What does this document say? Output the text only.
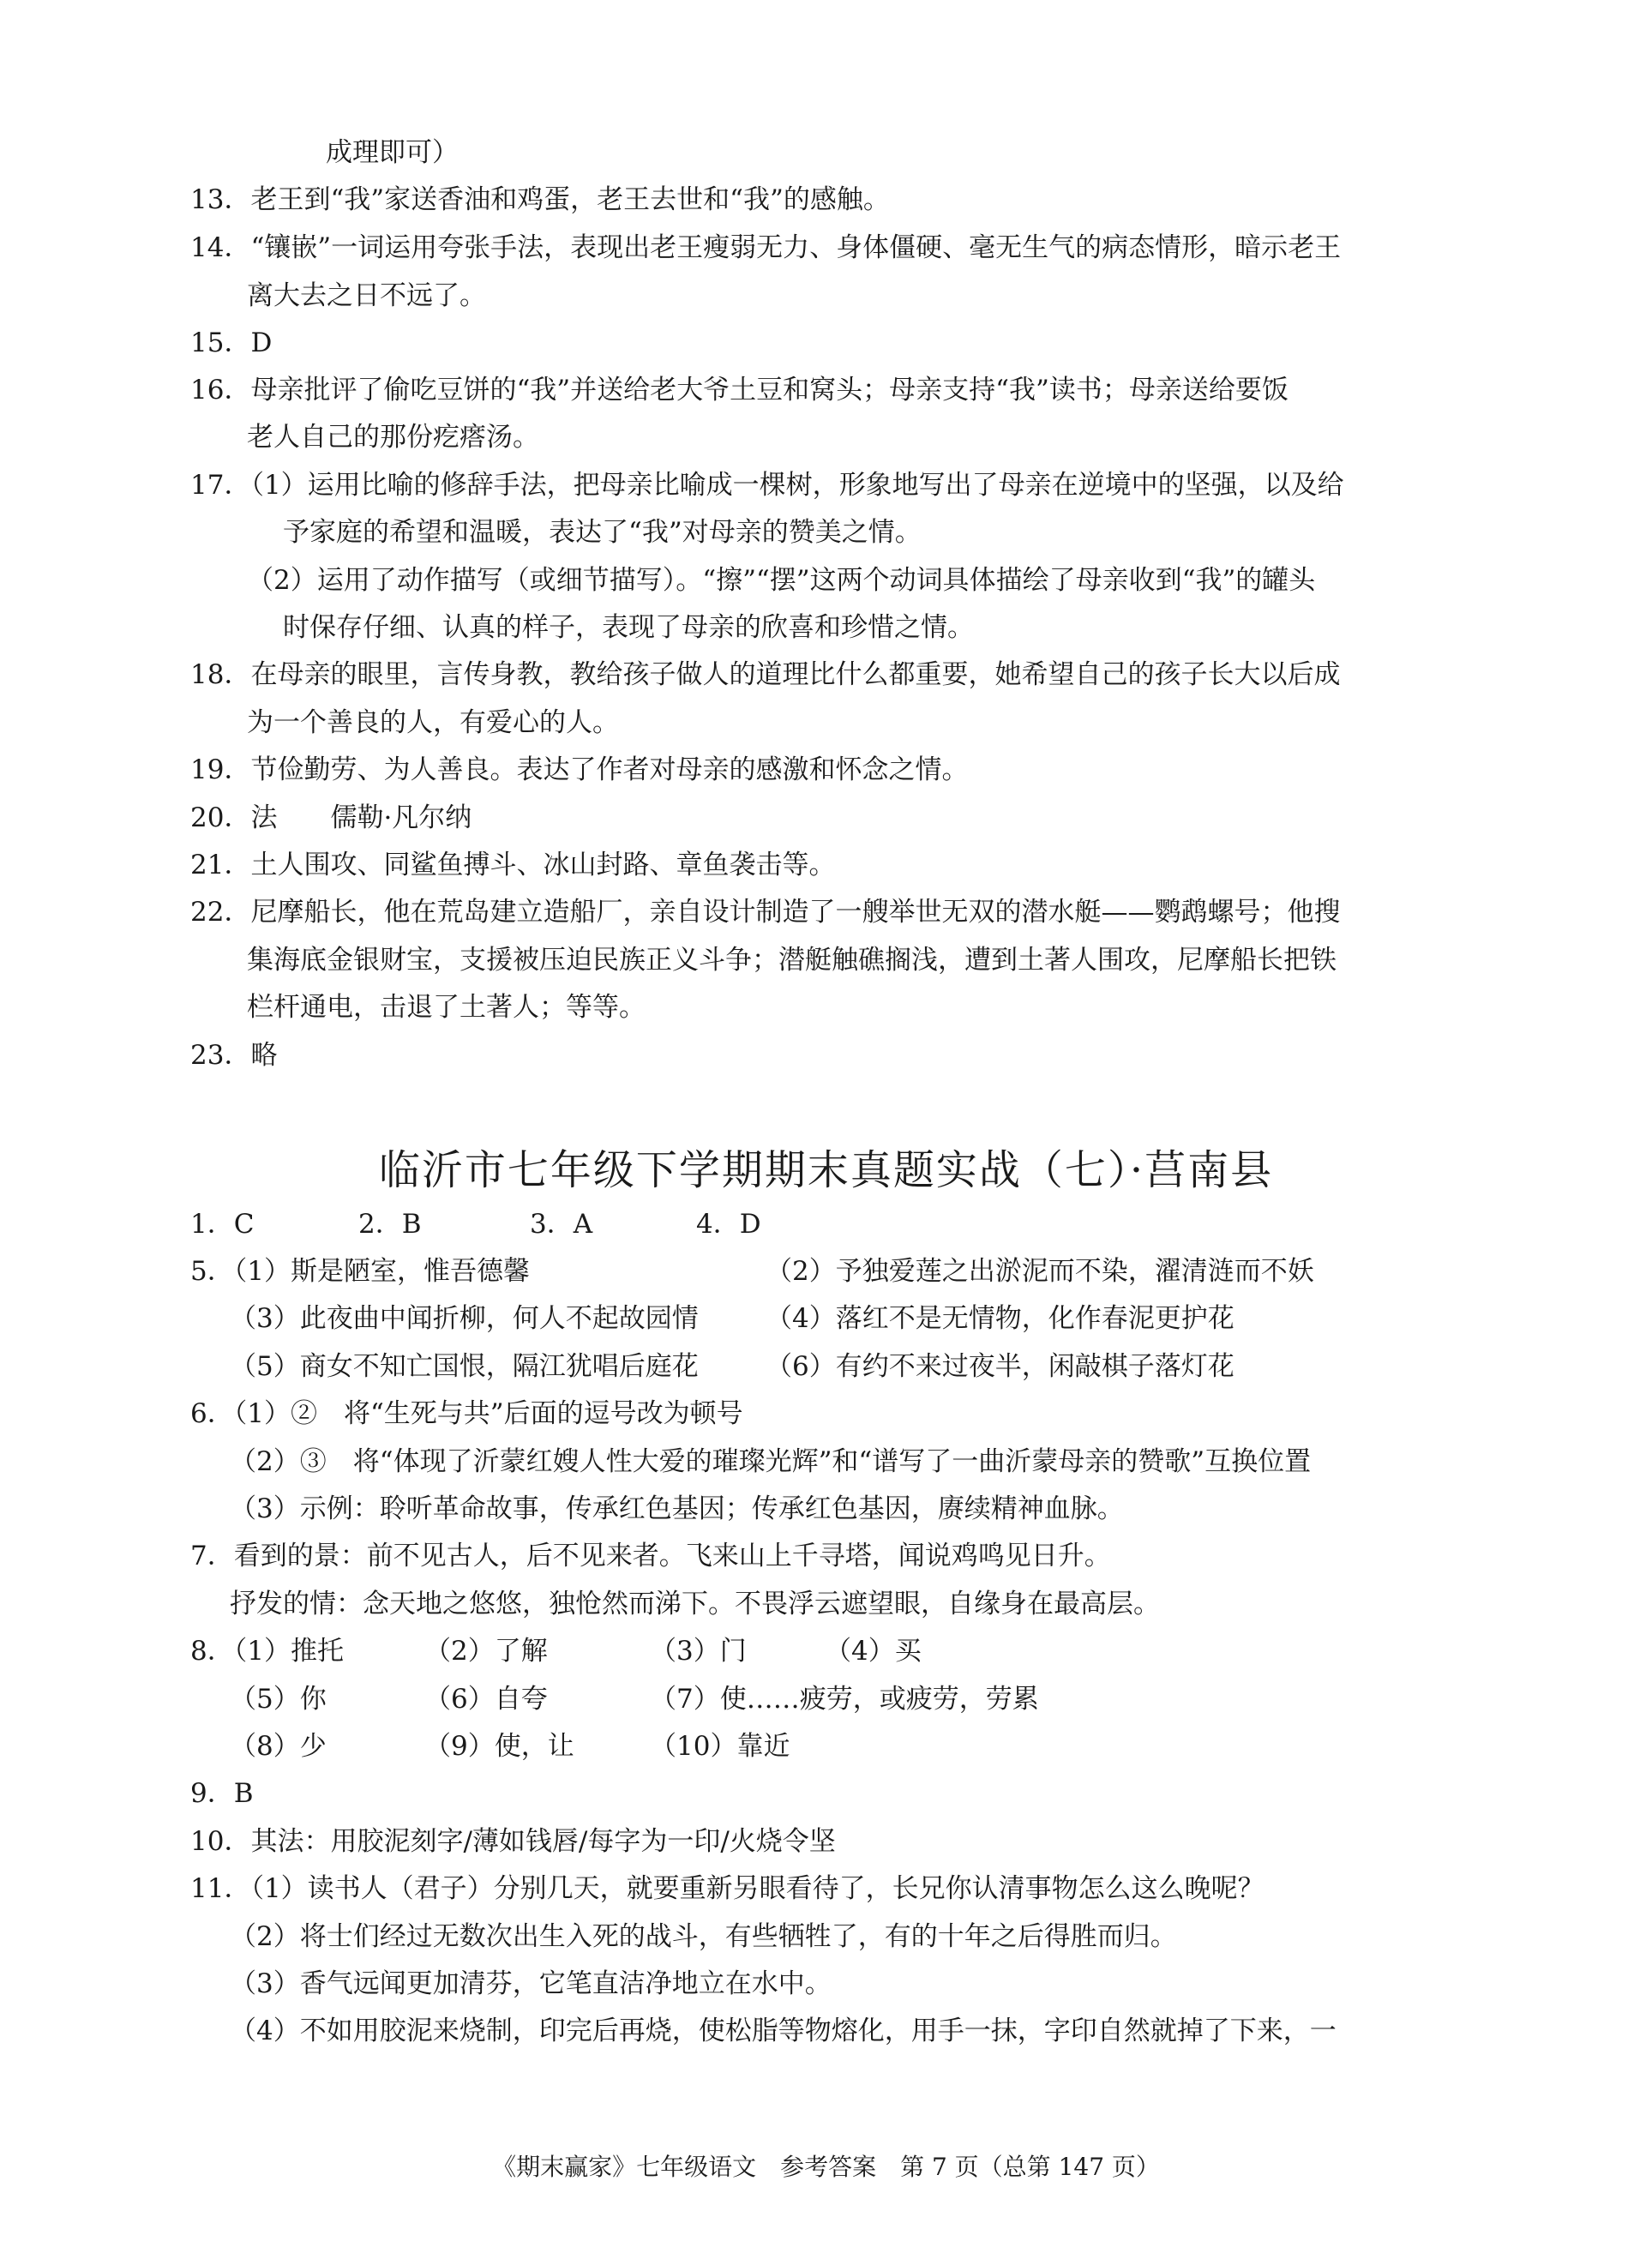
成理即可）
13．老王到“我”家送香油和鸡蛋，老王去世和“我”的感触。
14．“镶嵌”一词运用夸张手法，表现出老王瘦弱无力、身体僵硬、毫无生气的病态情形，暗示老王
离大去之日不远了。
15．D
16．母亲批评了偷吃豆饼的“我”并送给老大爷土豆和窝头；母亲支持“我”读书；母亲送给要饭
老人自己的那份疙瘩汤。
17．（1）运用比喻的修辞手法，把母亲比喻成一棵树，形象地写出了母亲在逆境中的坚强，以及给
予家庭的希望和温暖，表达了“我”对母亲的赞美之情。
（2）运用了动作描写（或细节描写）。“擦”“摆”这两个动词具体描绘了母亲收到“我”的罐头
时保存仔细、认真的样子，表现了母亲的欣喜和珍惜之情。
18．在母亲的眼里，言传身教，教给孩子做人的道理比什么都重要，她希望自己的孩子长大以后成
为一个善良的人，有爱心的人。
19．节俭勤劳、为人善良。表达了作者对母亲的感激和怀念之情。
20．法　　儒勒·凡尔纳
21．土人围攻、同鲨鱼搏斗、冰山封路、章鱼袭击等。
22．尼摩船长，他在荒岛建立造船厂，亲自设计制造了一艘举世无双的潜水艇——鹦鹉螺号；他搜
集海底金银财宝，支援被压迫民族正义斗争；潜艇触礁搁浅，遭到土著人围攻，尼摩船长把铁
栏杆通电，击退了土著人；等等。
23．略
临沂市七年级下学期期末真题实战（七）·莒南县
1．C	2．B	3．A	4．D
5．（1）斯是陋室，惟吾德馨	（2）予独爱莲之出淤泥而不染，濯清涟而不妖
（3）此夜曲中闻折柳，何人不起故园情	（4）落红不是无情物，化作春泥更护花
（5）商女不知亡国恨，隔江犹唱后庭花	（6）有约不来过夜半，闲敲棋子落灯花
6．（1）②　将“生死与共”后面的逗号改为顿号
（2）③　将“体现了沂蒙红嫂人性大爱的璀璨光辉”和“谱写了一曲沂蒙母亲的赞歌”互换位置
（3）示例：聆听革命故事，传承红色基因；传承红色基因，赓续精神血脉。
7．看到的景：前不见古人，后不见来者。飞来山上千寻塔，闻说鸡鸣见日升。
抒发的情：念天地之悠悠，独怆然而涕下。不畏浮云遮望眼，自缘身在最高层。
8．（1）推托	（2）了解	（3）门	（4）买
（5）你	（6）自夸	（7）使……疲劳，或疲劳，劳累
（8）少	（9）使，让	（10）靠近
9．B
10．其法：用胶泥刻字/薄如钱唇/每字为一印/火烧令坚
11．（1）读书人（君子）分别几天，就要重新另眼看待了，长兄你认清事物怎么这么晚呢？
（2）将士们经过无数次出生入死的战斗，有些牺牲了，有的十年之后得胜而归。
（3）香气远闻更加清芬，它笔直洁净地立在水中。
（4）不如用胶泥来烧制，印完后再烧，使松脂等物熔化，用手一抹，字印自然就掉了下来，一
《期末赢家》七年级语文　参考答案　第 7 页（总第 147 页）
